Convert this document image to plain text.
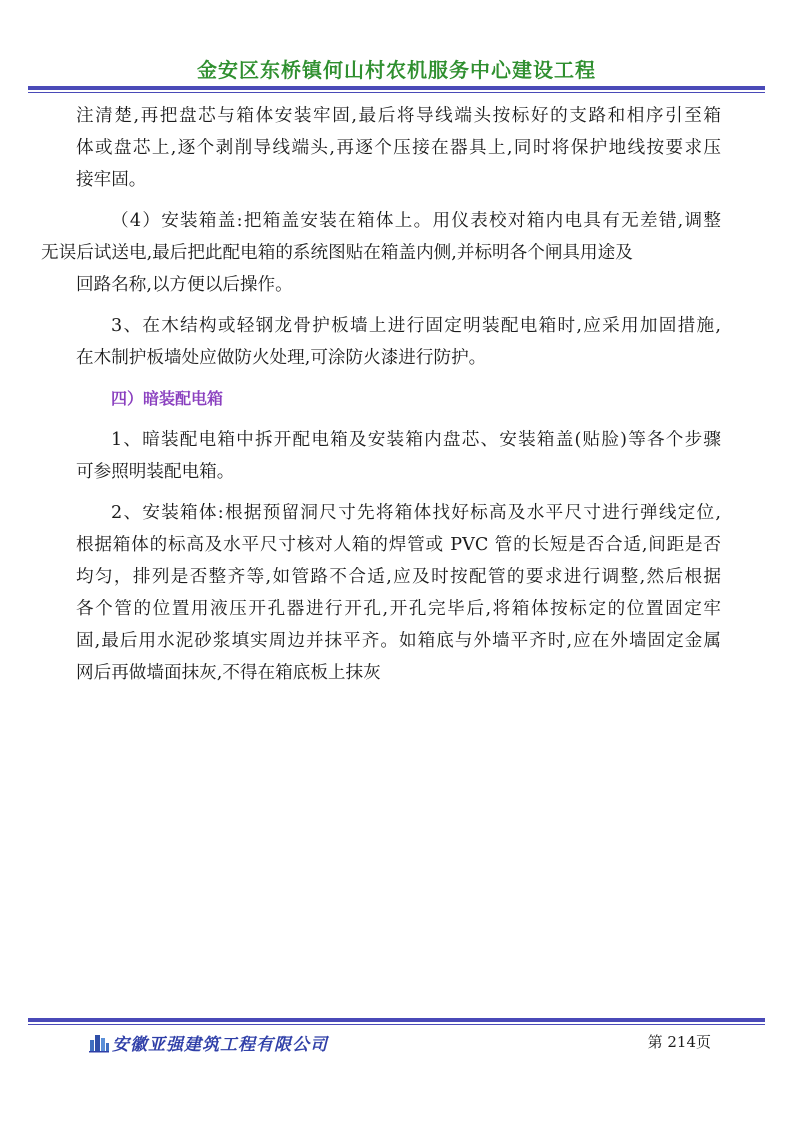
金安区东桥镇何山村农机服务中心建设工程

注清楚,再把盘芯与箱体安装牢固,最后将导线端头按标好的支路和相序引至箱
体或盘芯上,逐个剥削导线端头,再逐个压接在器具上,同时将保护地线按要求压

接牢固。

（4）安装箱盖:把箱盖安装在箱体上。用仪表校对箱内电具有无差错,调整
无误后试送电,最后把此配电箱的系统图贴在箱盖内侧,并标明各个闸具用途及

回路名称,以方便以后操作。

3、在木结构或轻钢龙骨护板墙上进行固定明装配电箱时,应采用加固措施,

在木制护板墙处应做防火处理,可涂防火漆进行防护。

四）暗装配电箱

1、暗装配电箱中拆开配电箱及安装箱内盘芯、安装箱盖(贴脸)等各个步骤

可参照明装配电箱。

2、安装箱体:根据预留洞尺寸先将箱体找好标高及水平尺寸进行弹线定位,

根据箱体的标高及水平尺寸核对人箱的焊管或 PVC 管的长短是否合适,间距是否

均匀，排列是否整齐等,如管路不合适,应及时按配管的要求进行调整,然后根据

各个管的位置用液压开孔器进行开孔,开孔完毕后,将箱体按标定的位置固定牢

固,最后用水泥砂浆填实周边并抹平齐。如箱底与外墙平齐时,应在外墙固定金属

网后再做墙面抹灰,不得在箱底板上抹灰

安徽亚强建筑工程有限公司	第 214页
